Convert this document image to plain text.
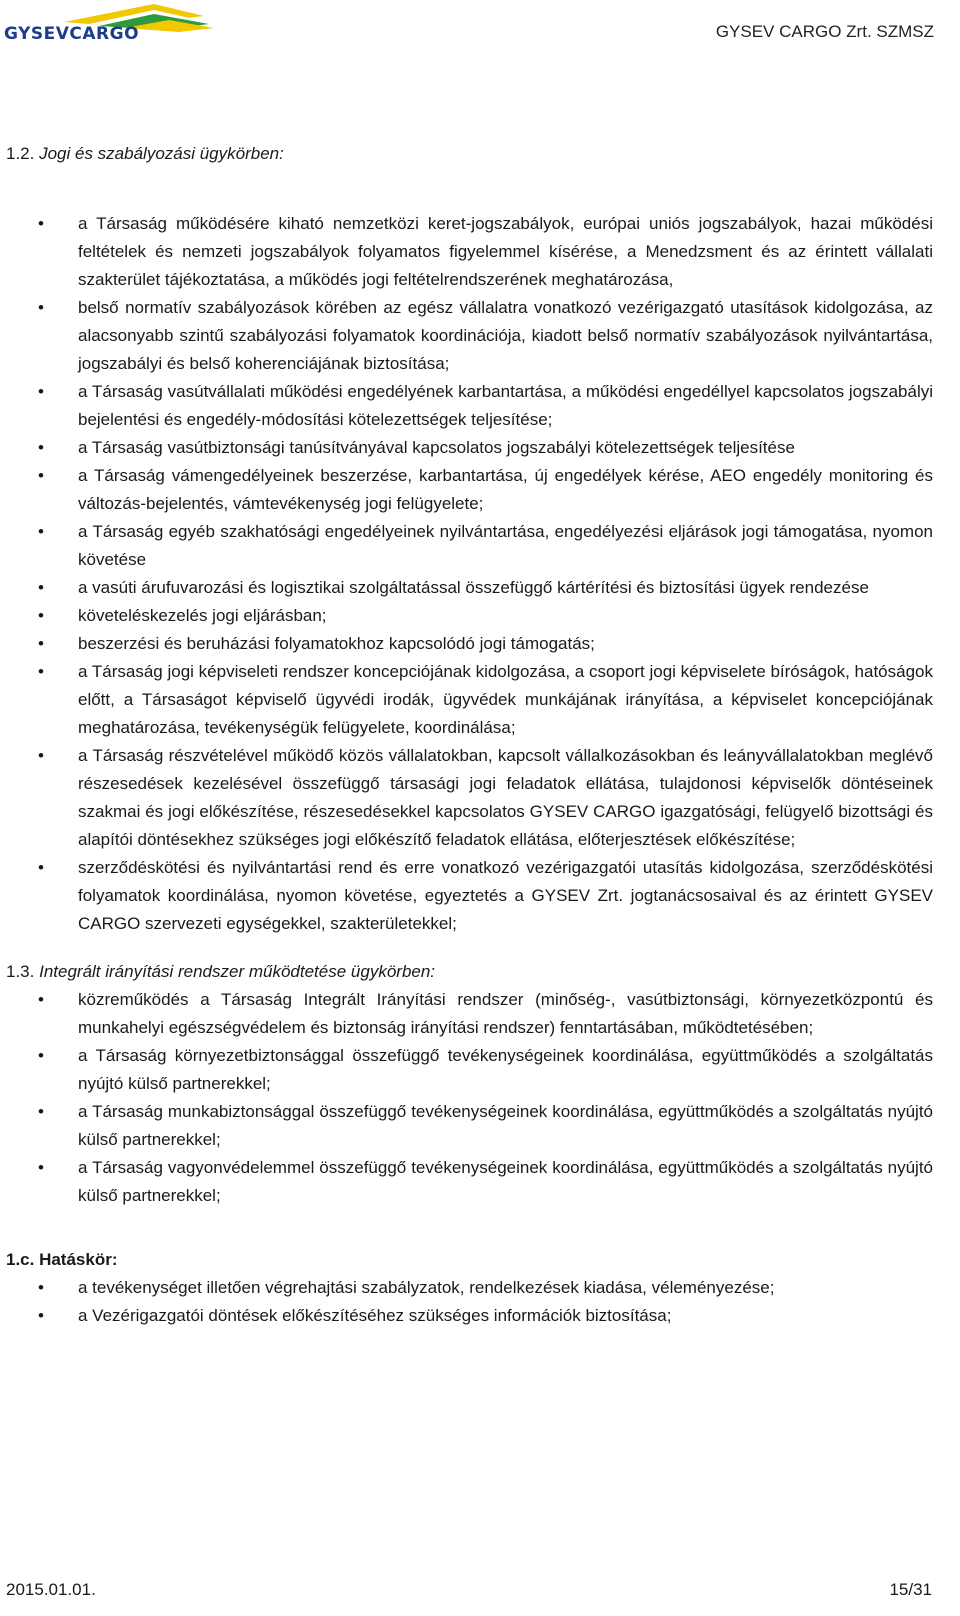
GYSEVCARGO	GYSEV CARGO Zrt. SZMSZ

1.2. Jogi és szabályozási ügykörben:

• a Társaság működésére kiható nemzetközi keret-jogszabályok, európai uniós jogszabályok, hazai működési feltételek és nemzeti jogszabályok folyamatos figyelemmel kísérése, a Menedzsment és az érintett vállalati szakterület tájékoztatása, a működés jogi feltételrendszerének meghatározása,
• belső normatív szabályozások körében az egész vállalatra vonatkozó vezérigazgató utasítások kidolgozása, az alacsonyabb szintű szabályozási folyamatok koordinációja, kiadott belső normatív szabályozások nyilvántartása, jogszabályi és belső koherenciájának biztosítása;
• a Társaság vasútvállalati működési engedélyének karbantartása, a működési engedéllyel kapcsolatos jogszabályi bejelentési és engedély-módosítási kötelezettségek teljesítése;
• a Társaság vasútbiztonsági tanúsítványával kapcsolatos jogszabályi kötelezettségek teljesítése
• a Társaság vámengedélyeinek beszerzése, karbantartása, új engedélyek kérése, AEO engedély monitoring és változás-bejelentés, vámtevékenység jogi felügyelete;
• a Társaság egyéb szakhatósági engedélyeinek nyilvántartása, engedélyezési eljárások jogi támogatása, nyomon követése
• a vasúti árufuvarozási és logisztikai szolgáltatással összefüggő kártérítési és biztosítási ügyek rendezése
• követeléskezelés jogi eljárásban;
• beszerzési és beruházási folyamatokhoz kapcsolódó jogi támogatás;
• a Társaság jogi képviseleti rendszer koncepciójának kidolgozása, a csoport jogi képviselete bíróságok, hatóságok előtt, a Társaságot képviselő ügyvédi irodák, ügyvédek munkájának irányítása, a képviselet koncepciójának meghatározása, tevékenységük felügyelete, koordinálása;
• a Társaság részvételével működő közös vállalatokban, kapcsolt vállalkozásokban és leányvállalatokban meglévő részesedések kezelésével összefüggő társasági jogi feladatok ellátása, tulajdonosi képviselők döntéseinek szakmai és jogi előkészítése, részesedésekkel kapcsolatos GYSEV CARGO igazgatósági, felügyelő bizottsági és alapítói döntésekhez szükséges jogi előkészítő feladatok ellátása, előterjesztések előkészítése;
• szerződéskötési és nyilvántartási rend és erre vonatkozó vezérigazgatói utasítás kidolgozása, szerződéskötési folyamatok koordinálása, nyomon követése, egyeztetés a GYSEV Zrt. jogtanácsosaival és az érintett GYSEV CARGO szervezeti egységekkel, szakterületekkel;

1.3. Integrált irányítási rendszer működtetése ügykörben:

• közreműködés a Társaság Integrált Irányítási rendszer (minőség-, vasútbiztonsági, környezetközpontú és munkahelyi egészségvédelem és biztonság irányítási rendszer) fenntartásában, működtetésében;
• a Társaság környezetbiztonsággal összefüggő tevékenységeinek koordinálása, együttműködés a szolgáltatás nyújtó külső partnerekkel;
• a Társaság munkabiztonsággal összefüggő tevékenységeinek koordinálása, együttműködés a szolgáltatás nyújtó külső partnerekkel;
• a Társaság vagyonvédelemmel összefüggő tevékenységeinek koordinálása, együttműködés a szolgáltatás nyújtó külső partnerekkel;

1.c. Hatáskör:

• a tevékenységet illetően végrehajtási szabályzatok, rendelkezések kiadása, véleményezése;
• a Vezérigazgatói döntések előkészítéséhez szükséges információk biztosítása;
2015.01.01.	15/31
